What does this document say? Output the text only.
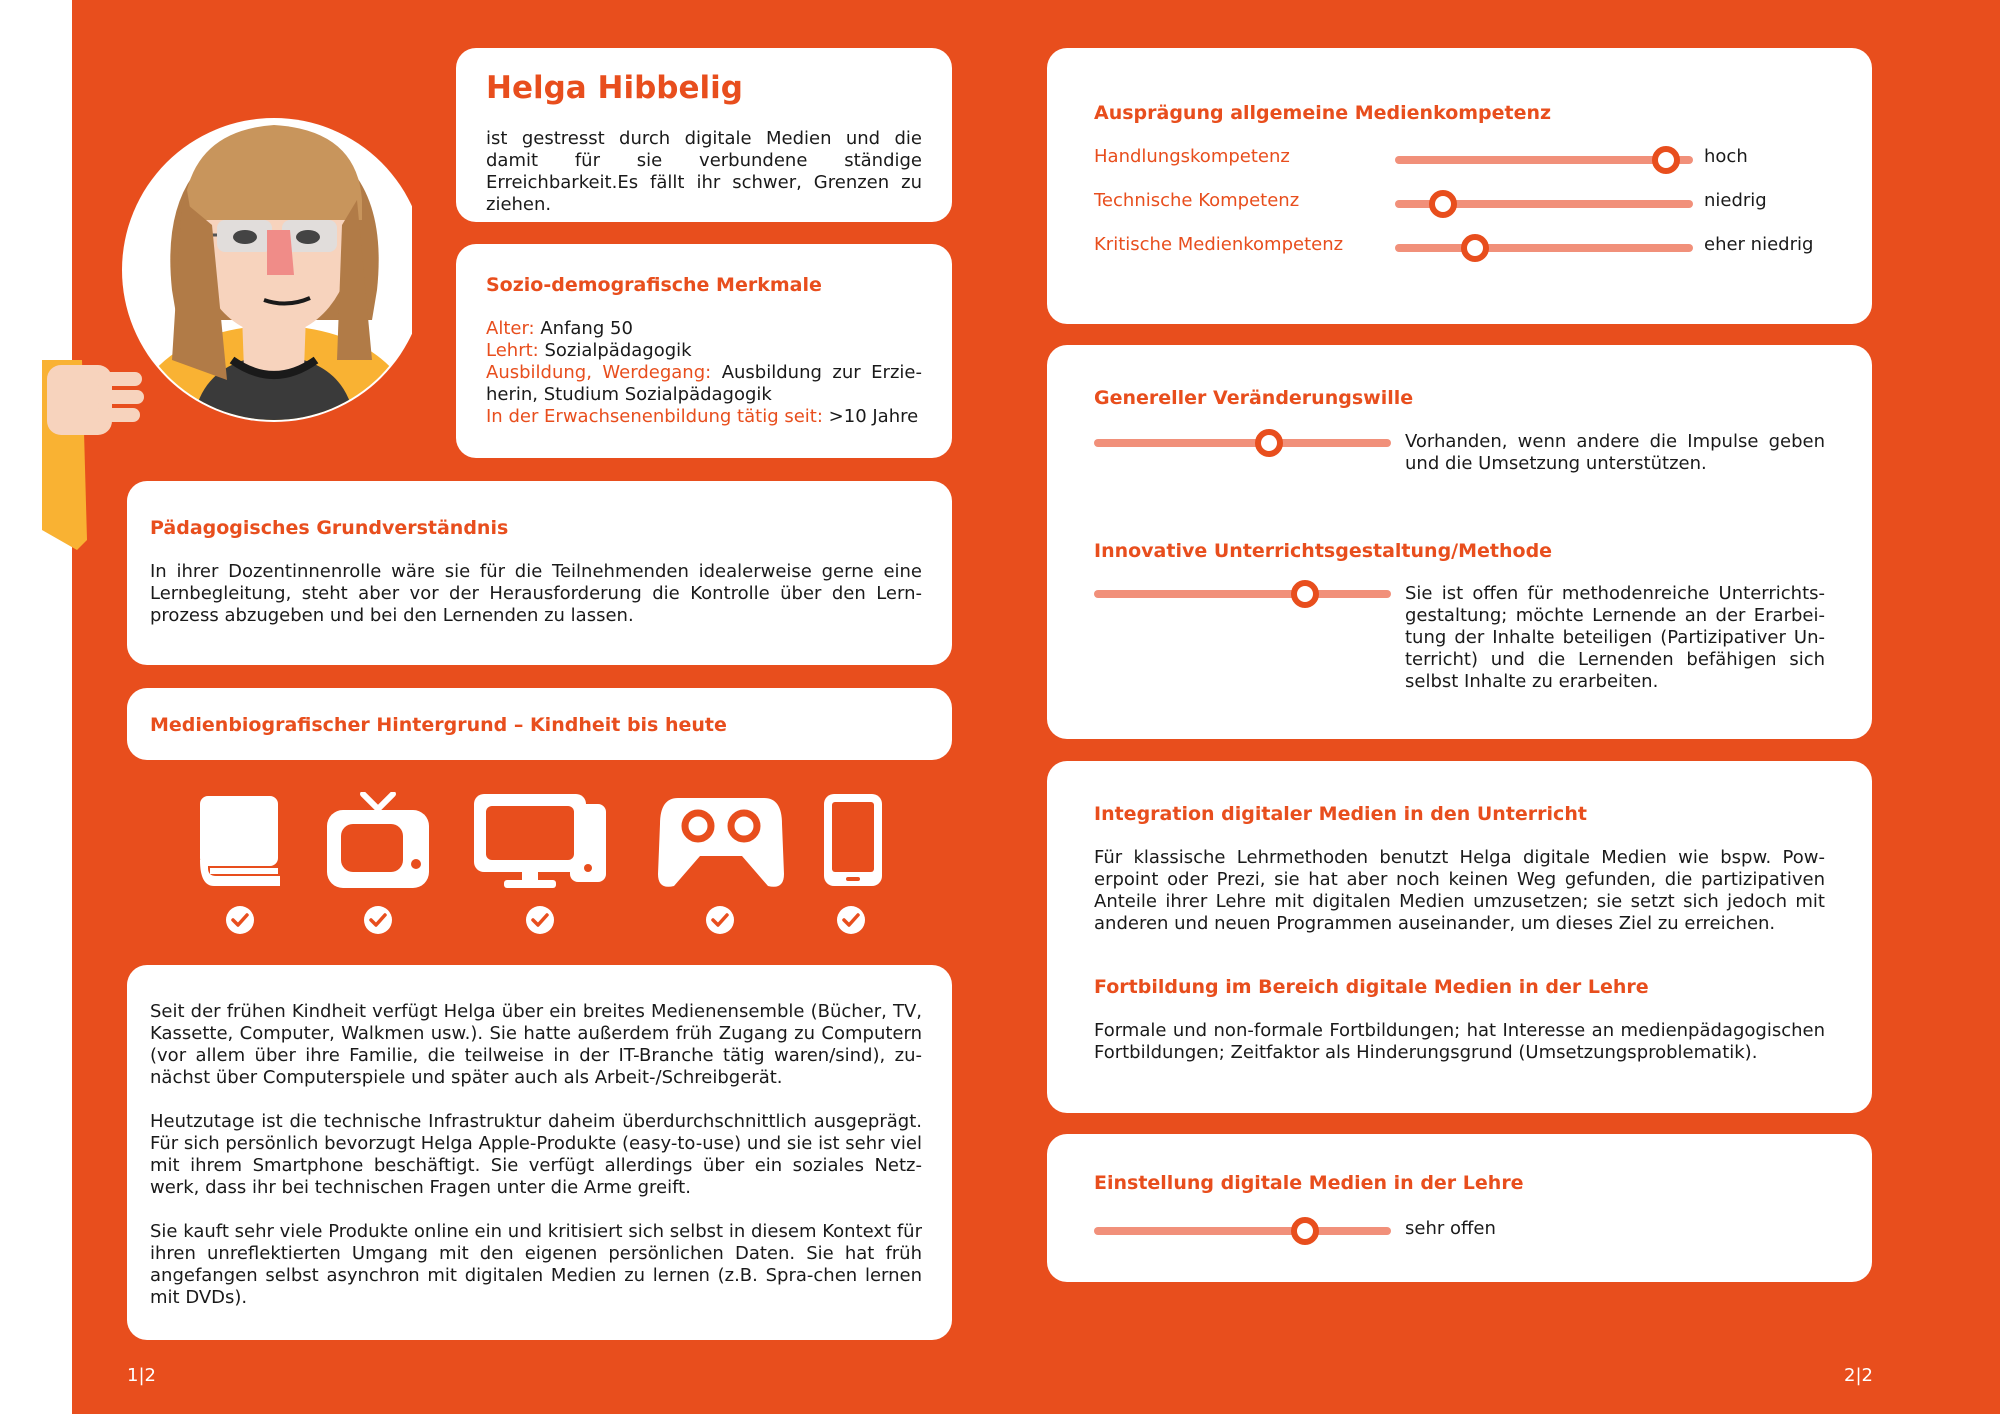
Helga Hibbelig

ist gestresst durch digitale Medien und die damit für sie verbundene ständige Erreichbarkeit.Es fällt ihr schwer, Grenzen zu ziehen.

Sozio-demografische Merkmale
Alter: Anfang 50
Lehrt: Sozialpädagogik
Ausbildung, Werdegang: Ausbildung zur Erzie-herin, Studium Sozialpädagogik
In der Erwachsenenbildung tätig seit: >10 Jahre
Pädagogisches Grundverständnis

In ihrer Dozentinnenrolle wäre sie für die Teilnehmenden idealerweise gerne eine Lernbegleitung, steht aber vor der Herausforderung die Kontrolle über den Lern-prozess abzugeben und bei den Lernenden zu lassen.

Medienbiografischer Hintergrund – Kindheit bis heute

Seit der frühen Kindheit verfügt Helga über ein breites Medienensemble (Bücher, TV, Kassette, Computer, Walkmen usw.). Sie hatte außerdem früh Zugang zu Computern (vor allem über ihre Familie, die teilweise in der IT-Branche tätig waren/sind), zu-nächst über Computerspiele und später auch als Arbeit-/Schreibgerät.

Heutzutage ist die technische Infrastruktur daheim überdurchschnittlich ausgeprägt. Für sich persönlich bevorzugt Helga Apple-Produkte (easy-to-use) und sie ist sehr viel mit ihrem Smartphone beschäftigt. Sie verfügt allerdings über ein soziales Netz-werk, dass ihr bei technischen Fragen unter die Arme greift.

Sie kauft sehr viele Produkte online ein und kritisiert sich selbst in diesem Kontext für ihren unreflektierten Umgang mit den eigenen persönlichen Daten. Sie hat früh angefangen selbst asynchron mit digitalen Medien zu lernen (z.B. Spra-chen lernen mit DVDs).

1|2
Ausprägung allgemeine Medienkompetenz
Handlungskompetenz	hoch
Technische Kompetenz	niedrig
Kritische Medienkompetenz	eher niedrig
Genereller Veränderungswille

Vorhanden, wenn andere die Impulse geben und die Umsetzung unterstützen.

Innovative Unterrichtsgestaltung/Methode

Sie ist offen für methodenreiche Unterrichts-gestaltung; möchte Lernende an der Erarbei-tung der Inhalte beteiligen (Partizipativer Un-terricht) und die Lernenden befähigen sich selbst Inhalte zu erarbeiten.

Integration digitaler Medien in den Unterricht

Für klassische Lehrmethoden benutzt Helga digitale Medien wie bspw. Pow-erpoint oder Prezi, sie hat aber noch keinen Weg gefunden, die partizipativen Anteile ihrer Lehre mit digitalen Medien umzusetzen; sie setzt sich jedoch mit anderen und neuen Programmen auseinander, um dieses Ziel zu erreichen.

Fortbildung im Bereich digitale Medien in der Lehre

Formale und non-formale Fortbildungen; hat Interesse an medienpädagogischen Fortbildungen; Zeitfaktor als Hinderungsgrund (Umsetzungsproblematik).

Einstellung digitale Medien in der Lehre
sehr offen
2|2
